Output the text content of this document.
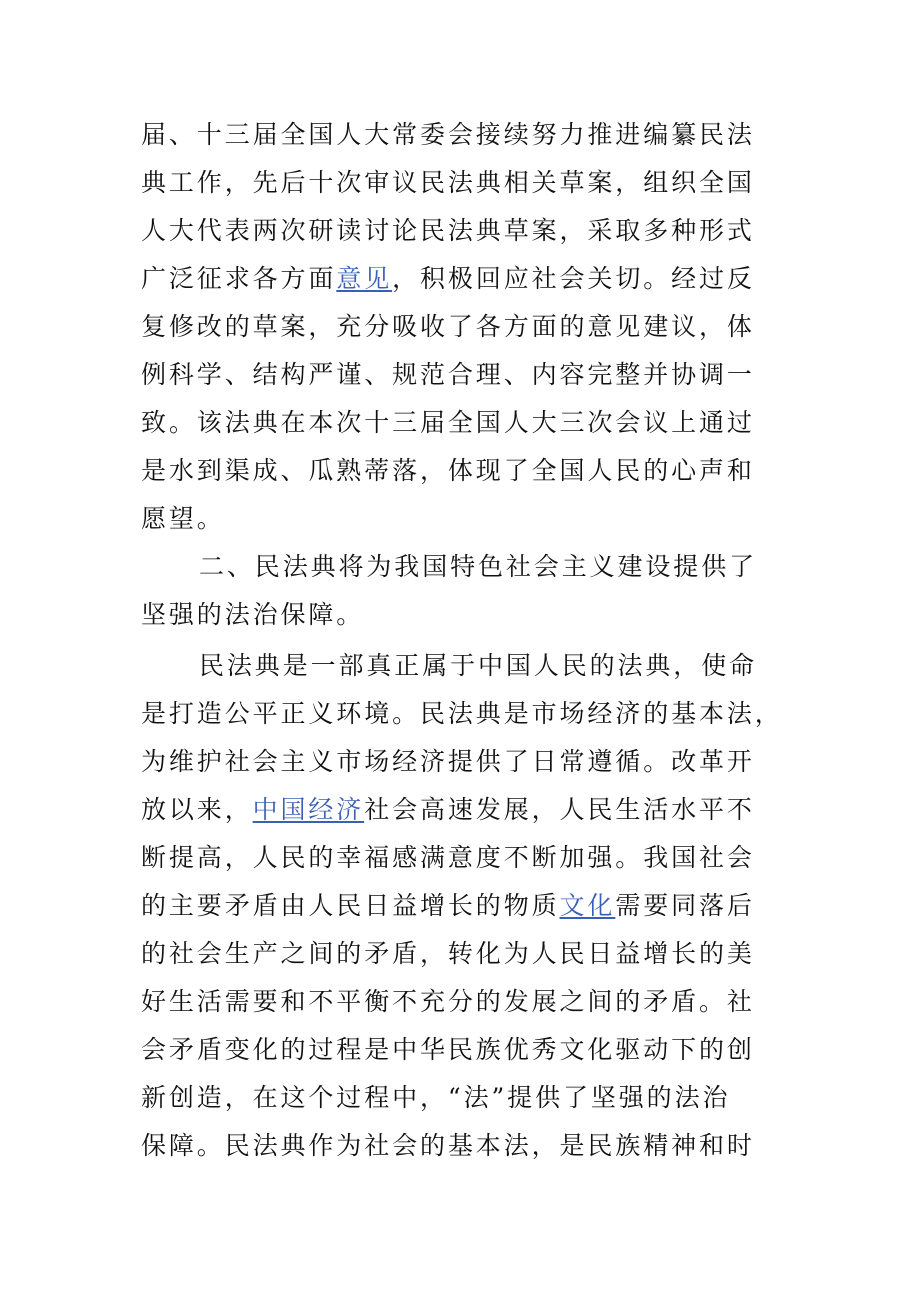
届、十三届全国人大常委会接续努力推进编纂民法
典工作，先后十次审议民法典相关草案，组织全国
人大代表两次研读讨论民法典草案，采取多种形式
广泛征求各方面意见，积极回应社会关切。经过反
复修改的草案，充分吸收了各方面的意见建议，体
例科学、结构严谨、规范合理、内容完整并协调一
致。该法典在本次十三届全国人大三次会议上通过
是水到渠成、瓜熟蒂落，体现了全国人民的心声和
愿望。
二、民法典将为我国特色社会主义建设提供了
坚强的法治保障。
民法典是一部真正属于中国人民的法典，使命
是打造公平正义环境。民法典是市场经济的基本法，
为维护社会主义市场经济提供了日常遵循。改革开
放以来，中国经济社会高速发展，人民生活水平不
断提高，人民的幸福感满意度不断加强。我国社会
的主要矛盾由人民日益增长的物质文化需要同落后
的社会生产之间的矛盾，转化为人民日益增长的美
好生活需要和不平衡不充分的发展之间的矛盾。社
会矛盾变化的过程是中华民族优秀文化驱动下的创
新创造，在这个过程中，“法”提供了坚强的法治
保障。民法典作为社会的基本法，是民族精神和时
